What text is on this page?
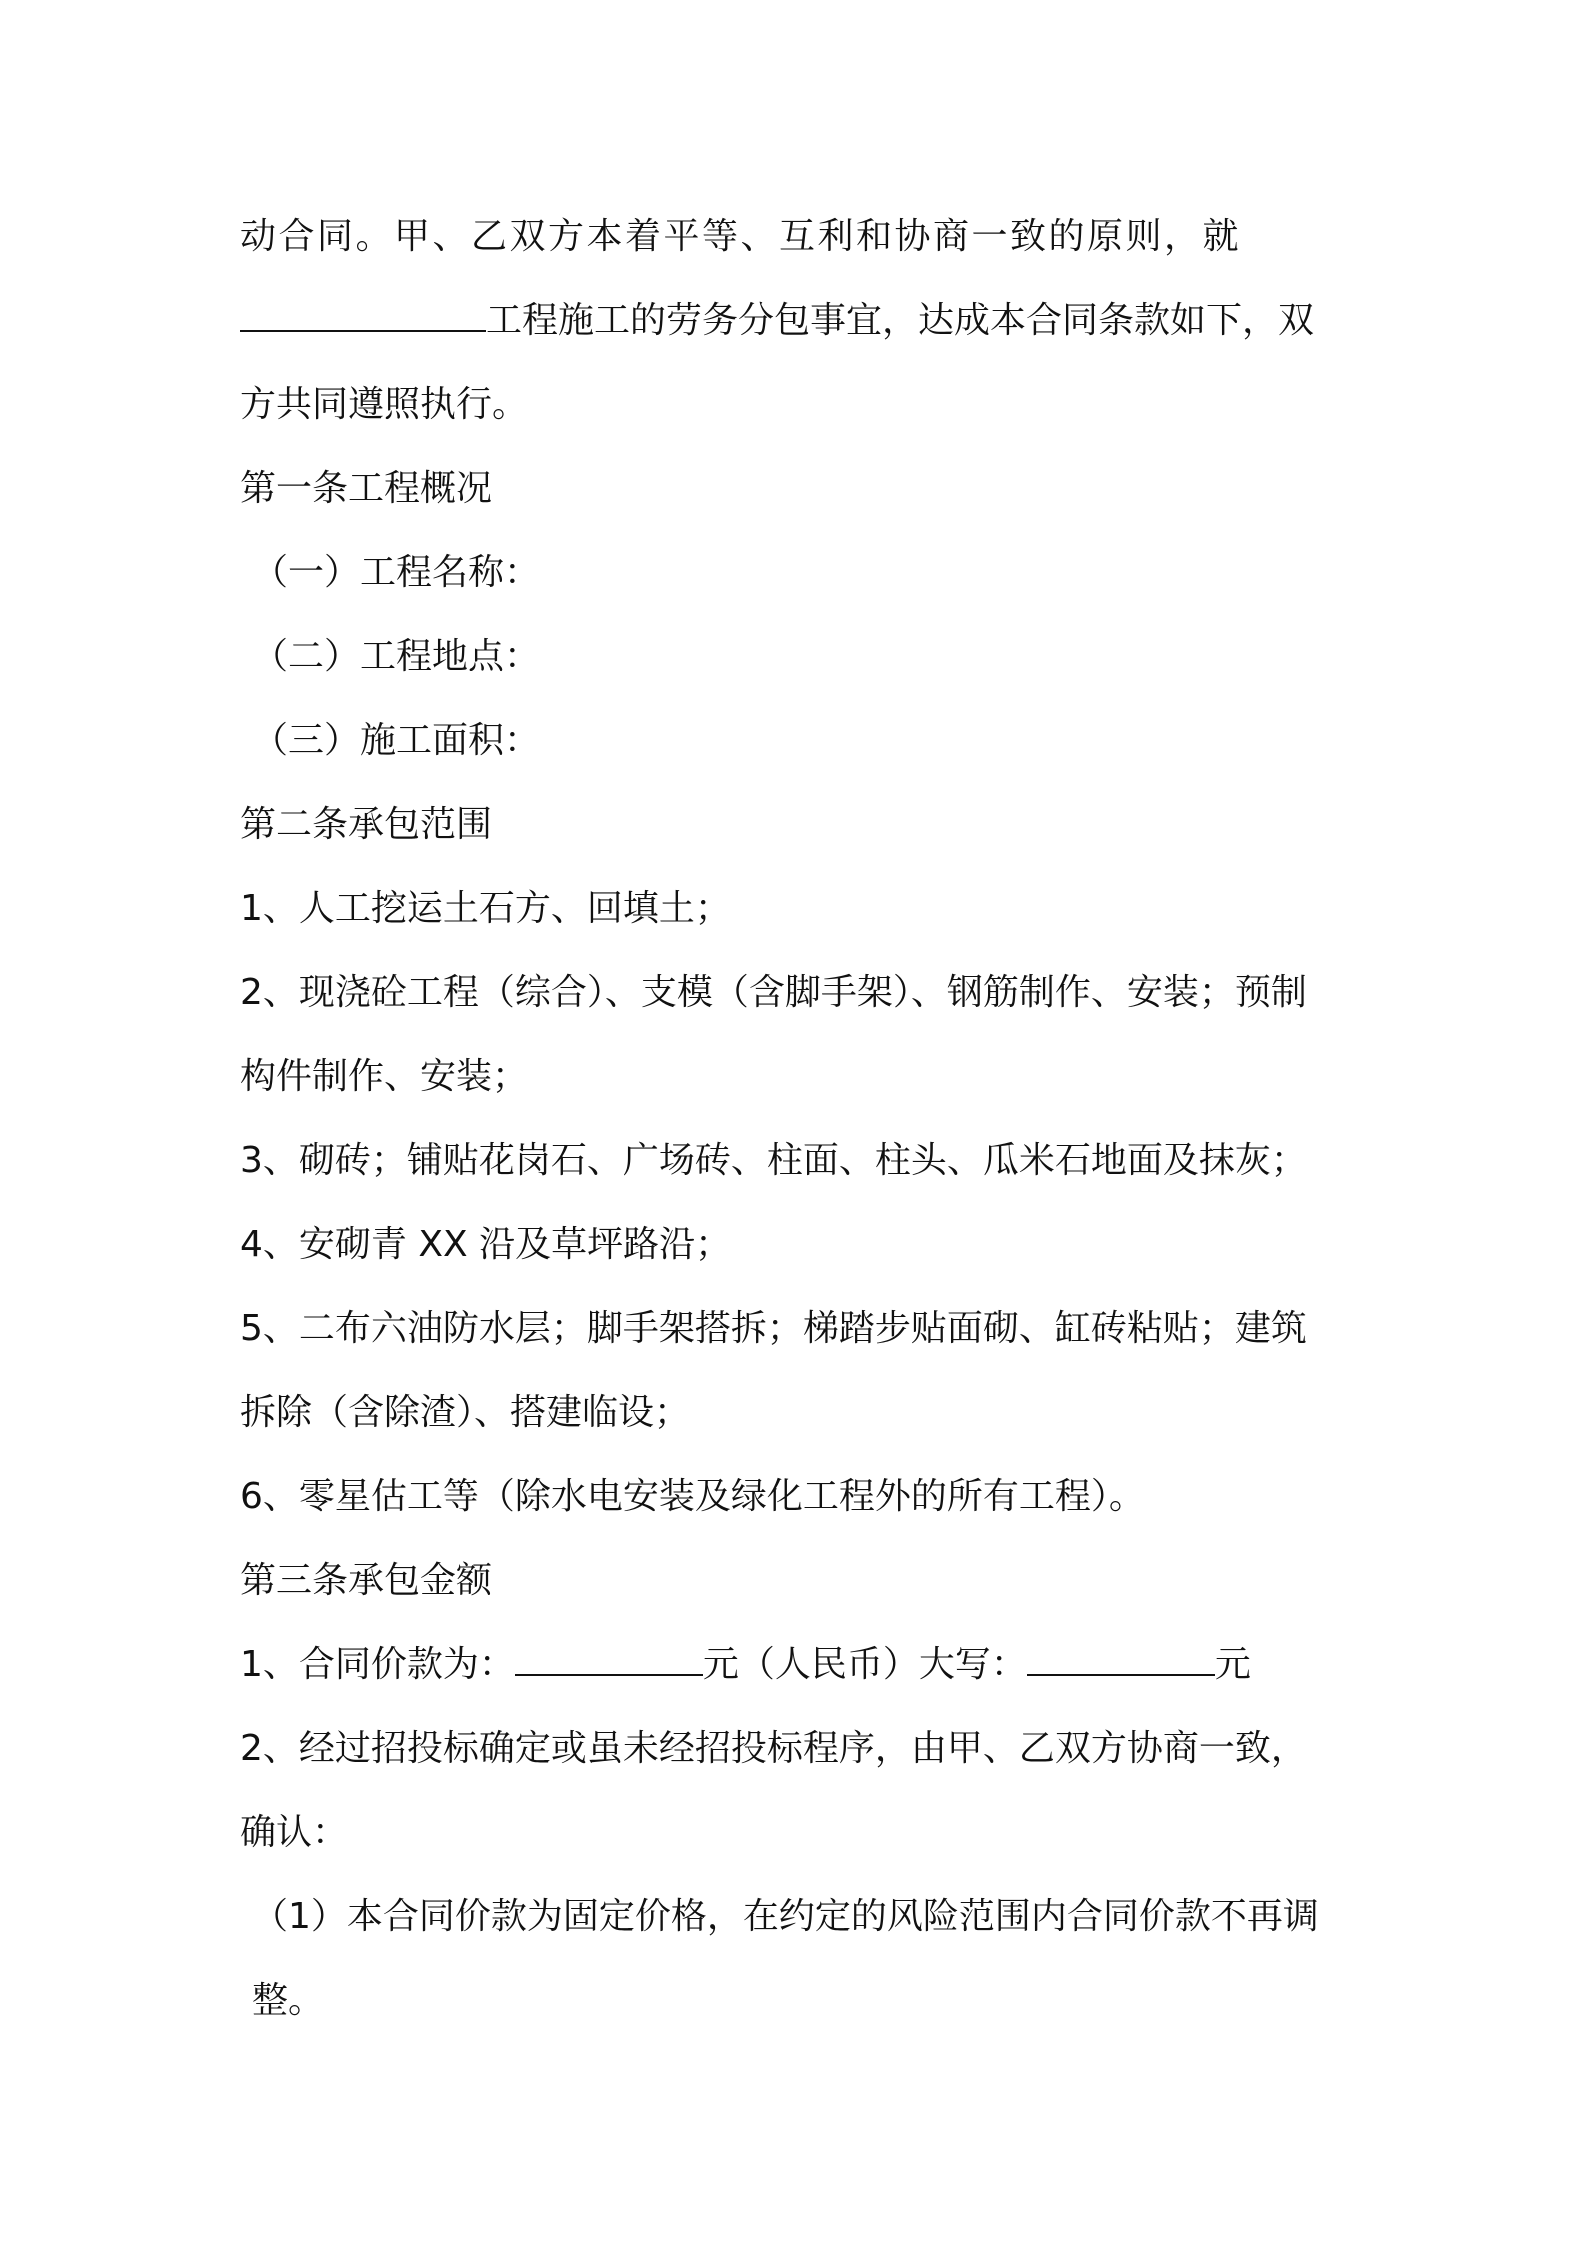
动合同。甲、乙双方本着平等、互利和协商一致的原则，就

工程施工的劳务分包事宜，达成本合同条款如下，双

方共同遵照执行。

第一条工程概况

（一）工程名称：

（二）工程地点：

（三）施工面积：

第二条承包范围

1、人工挖运土石方、回填土；

2、现浇砼工程（综合）、支模（含脚手架）、钢筋制作、安装；预制

构件制作、安装；

3、砌砖；铺贴花岗石、广场砖、柱面、柱头、瓜米石地面及抹灰；

4、安砌青 XX 沿及草坪路沿；

5、二布六油防水层；脚手架搭拆；梯踏步贴面砌、缸砖粘贴；建筑

拆除（含除渣）、搭建临设；

6、零星估工等（除水电安装及绿化工程外的所有工程）。

第三条承包金额

1、合同价款为：	元（人民币）大写：	元

2、经过招投标确定或虽未经招投标程序，由甲、乙双方协商一致，

确认：

（1）本合同价款为固定价格，在约定的风险范围内合同价款不再调

整。
